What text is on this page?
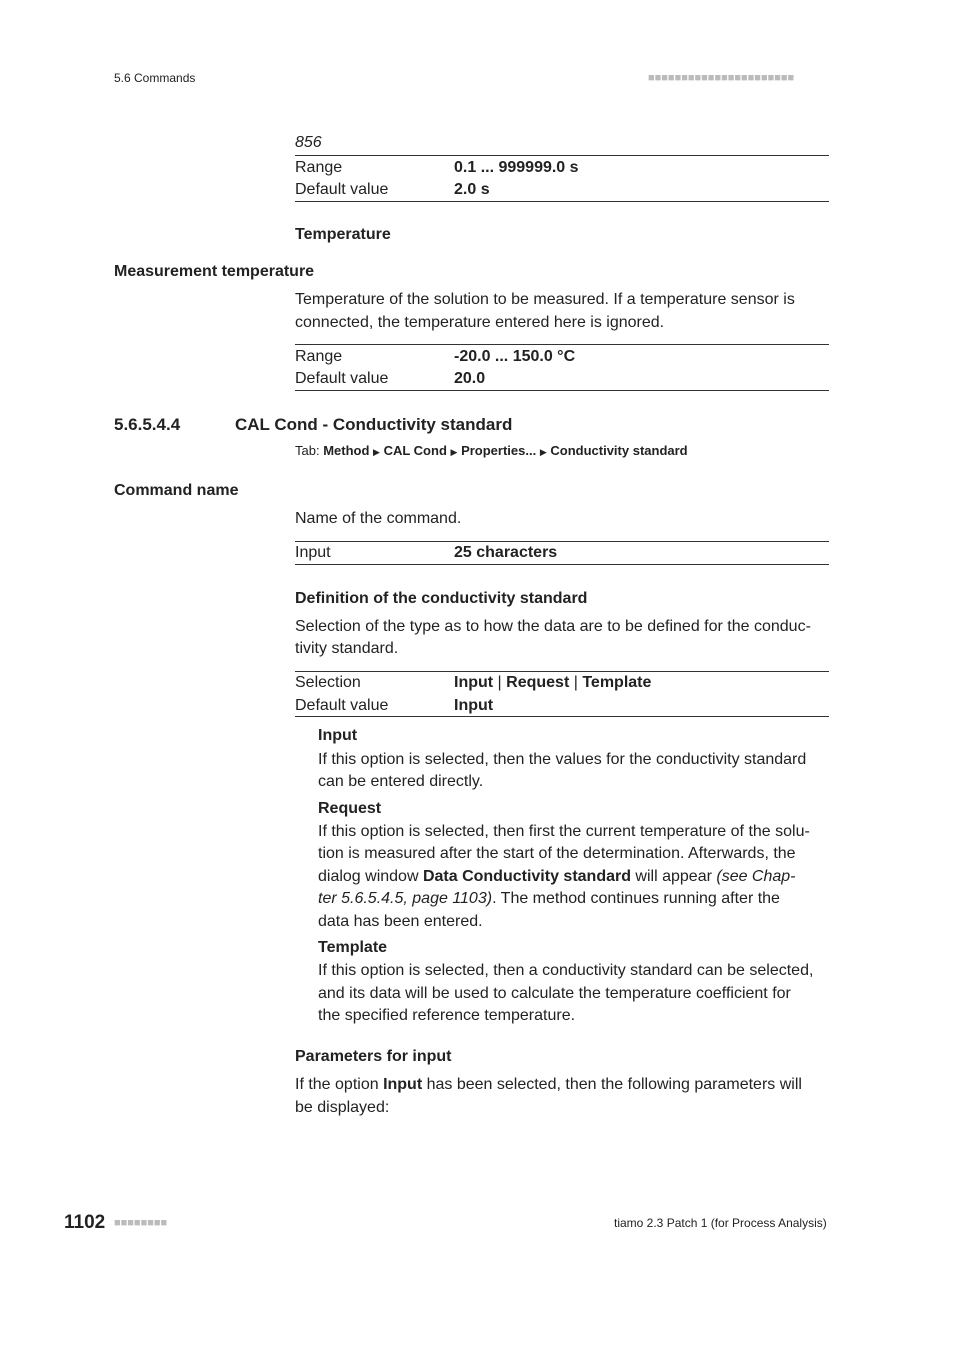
5.6 Commands	■■■■■■■■■■■■■■■■■■■■■■
856
Range	0.1 ... 999999.0 s
Default value	2.0 s
Temperature
Measurement temperature
Temperature of the solution to be measured. If a temperature sensor is
connected, the temperature entered here is ignored.
Range	-20.0 ... 150.0 °C
Default value	20.0
5.6.5.4.4	CAL Cond - Conductivity standard
Tab: Method ▶ CAL Cond ▶ Properties... ▶ Conductivity standard
Command name
Name of the command.
Input	25 characters
Definition of the conductivity standard
Selection of the type as to how the data are to be defined for the conduc-
tivity standard.
Selection	Input | Request | Template
Default value	Input
Input
If this option is selected, then the values for the conductivity standard
can be entered directly.
Request
If this option is selected, then first the current temperature of the solu-
tion is measured after the start of the determination. Afterwards, the
dialog window Data Conductivity standard will appear (see Chap-
ter 5.6.5.4.5, page 1103). The method continues running after the
data has been entered.
Template
If this option is selected, then a conductivity standard can be selected,
and its data will be used to calculate the temperature coefficient for
the specified reference temperature.
Parameters for input
If the option Input has been selected, then the following parameters will
be displayed:
1102 ■■■■■■■■	tiamo 2.3 Patch 1 (for Process Analysis)
